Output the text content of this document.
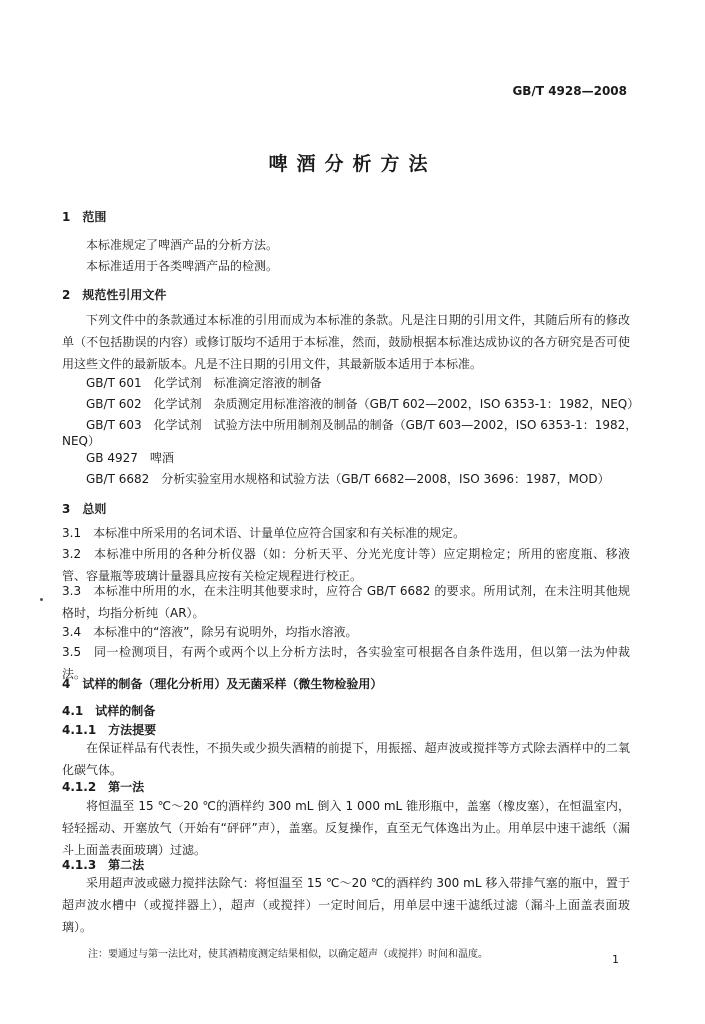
GB/T 4928—2008
啤酒分析方法
1　范围
本标准规定了啤酒产品的分析方法。
本标准适用于各类啤酒产品的检测。
2　规范性引用文件
下列文件中的条款通过本标准的引用而成为本标准的条款。凡是注日期的引用文件，其随后所有的修改单（不包括勘误的内容）或修订版均不适用于本标准，然而，鼓励根据本标准达成协议的各方研究是否可使用这些文件的最新版本。凡是不注日期的引用文件，其最新版本适用于本标准。
GB/T 601　化学试剂　标准滴定溶液的制备
GB/T 602　化学试剂　杂质测定用标准溶液的制备（GB/T 602—2002，ISO 6353-1：1982，NEQ）
GB/T 603　化学试剂　试验方法中所用制剂及制品的制备（GB/T 603—2002，ISO 6353-1：1982，
NEQ）
GB 4927　啤酒
GB/T 6682　分析实验室用水规格和试验方法（GB/T 6682—2008，ISO 3696：1987，MOD）
3　总则
3.1　本标准中所采用的名词术语、计量单位应符合国家和有关标准的规定。
3.2　本标准中所用的各种分析仪器（如：分析天平、分光光度计等）应定期检定；所用的密度瓶、移液管、容量瓶等玻璃计量器具应按有关检定规程进行校正。
3.3　本标准中所用的水，在未注明其他要求时，应符合 GB/T 6682 的要求。所用试剂，在未注明其他规格时，均指分析纯（AR）。
3.4　本标准中的“溶液”，除另有说明外，均指水溶液。
3.5　同一检测项目，有两个或两个以上分析方法时，各实验室可根据各自条件选用，但以第一法为仲裁法。
4　试样的制备（理化分析用）及无菌采样（微生物检验用）
4.1　试样的制备
4.1.1　方法提要
在保证样品有代表性，不损失或少损失酒精的前提下，用振摇、超声波或搅拌等方式除去酒样中的二氧化碳气体。
4.1.2　第一法
将恒温至 15 ℃～20 ℃的酒样约 300 mL 倒入 1 000 mL 锥形瓶中，盖塞（橡皮塞），在恒温室内，轻轻摇动、开塞放气（开始有“砰砰”声），盖塞。反复操作，直至无气体逸出为止。用单层中速干滤纸（漏斗上面盖表面玻璃）过滤。
4.1.3　第二法
采用超声波或磁力搅拌法除气：将恒温至 15 ℃～20 ℃的酒样约 300 mL 移入带排气塞的瓶中，置于超声波水槽中（或搅拌器上），超声（或搅拌）一定时间后，用单层中速干滤纸过滤（漏斗上面盖表面玻璃）。
注：要通过与第一法比对，使其酒精度测定结果相似，以确定超声（或搅拌）时间和温度。	1
